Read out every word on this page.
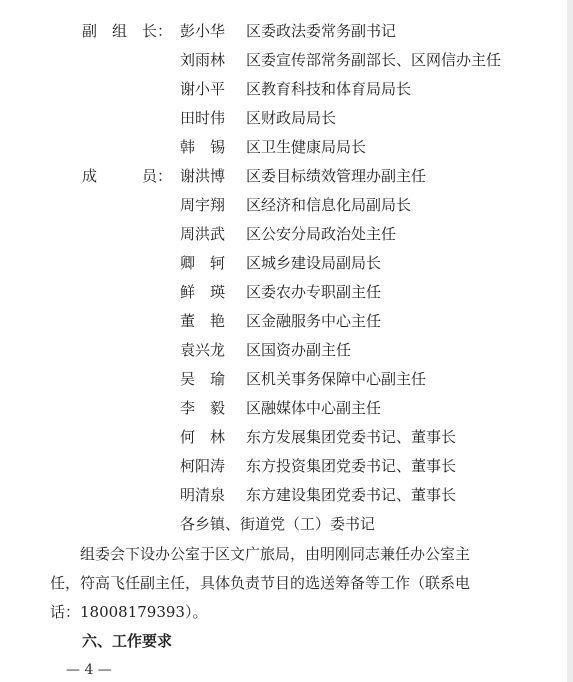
副　组　长： 彭小华	区委政法委常务副书记
刘雨林	区委宣传部常务副部长、区网信办主任
谢小平	区教育科技和体育局局长
田时伟	区财政局局长
韩　锡	区卫生健康局局长
成　　　员： 谢洪博	区委目标绩效管理办副主任
周宇翔	区经济和信息化局副局长
周洪武	区公安分局政治处主任
卿　轲	区城乡建设局副局长
鲜　瑛	区委农办专职副主任
董　艳	区金融服务中心主任
袁兴龙	区国资办副主任
吴　瑜	区机关事务保障中心副主任
李　毅	区融媒体中心副主任
何　林	东方发展集团党委书记、董事长
柯阳涛	东方投资集团党委书记、董事长
明清泉	东方建设集团党委书记、董事长
各乡镇、街道党（工）委书记
组委会下设办公室于区文广旅局，由明刚同志兼任办公室主
任，符高飞任副主任，具体负责节目的选送筹备等工作（联系电
话：18008179393）。
六、工作要求
— 4 —
